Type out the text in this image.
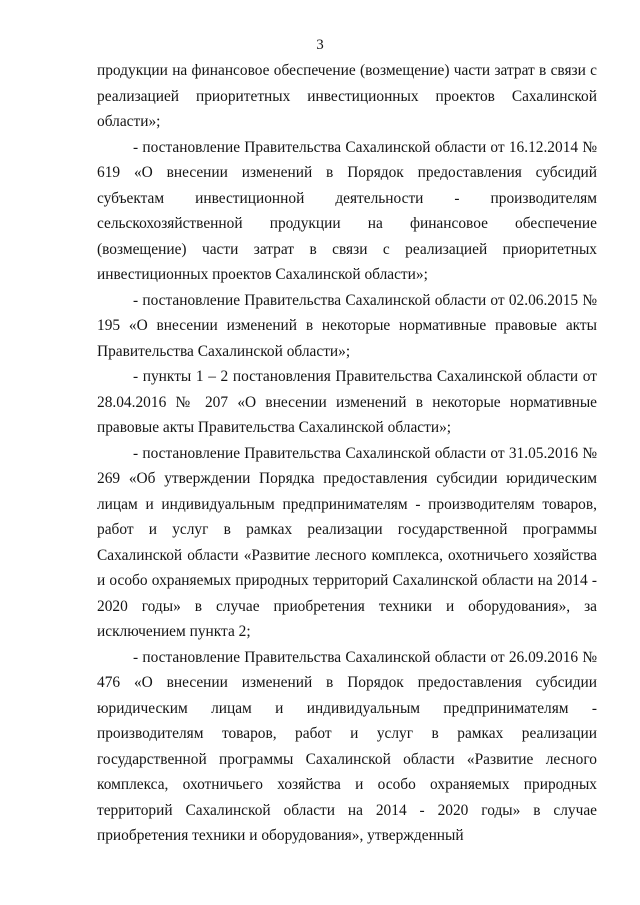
3

продукции на финансовое обеспечение (возмещение) части затрат в связи с реализацией приоритетных инвестиционных проектов Сахалинской области»;

- постановление Правительства Сахалинской области от 16.12.2014 № 619 «О внесении изменений в Порядок предоставления субсидий субъектам инвестиционной деятельности - производителям сельскохозяйственной продукции на финансовое обеспечение (возмещение) части затрат в связи с реализацией приоритетных инвестиционных проектов Сахалинской области»;

- постановление Правительства Сахалинской области от 02.06.2015 № 195 «О внесении изменений в некоторые нормативные правовые акты Правительства Сахалинской области»;

- пункты 1 – 2 постановления Правительства Сахалинской области от 28.04.2016 № 207 «О внесении изменений в некоторые нормативные правовые акты Правительства Сахалинской области»;

- постановление Правительства Сахалинской области от 31.05.2016 № 269 «Об утверждении Порядка предоставления субсидии юридическим лицам и индивидуальным предпринимателям - производителям товаров, работ и услуг в рамках реализации государственной программы Сахалинской области «Развитие лесного комплекса, охотничьего хозяйства и особо охраняемых природных территорий Сахалинской области на 2014 - 2020 годы» в случае приобретения техники и оборудования», за исключением пункта 2;

- постановление Правительства Сахалинской области от 26.09.2016 № 476 «О внесении изменений в Порядок предоставления субсидии юридическим лицам и индивидуальным предпринимателям - производителям товаров, работ и услуг в рамках реализации государственной программы Сахалинской области «Развитие лесного комплекса, охотничьего хозяйства и особо охраняемых природных территорий Сахалинской области на 2014 - 2020 годы» в случае приобретения техники и оборудования», утвержденный
